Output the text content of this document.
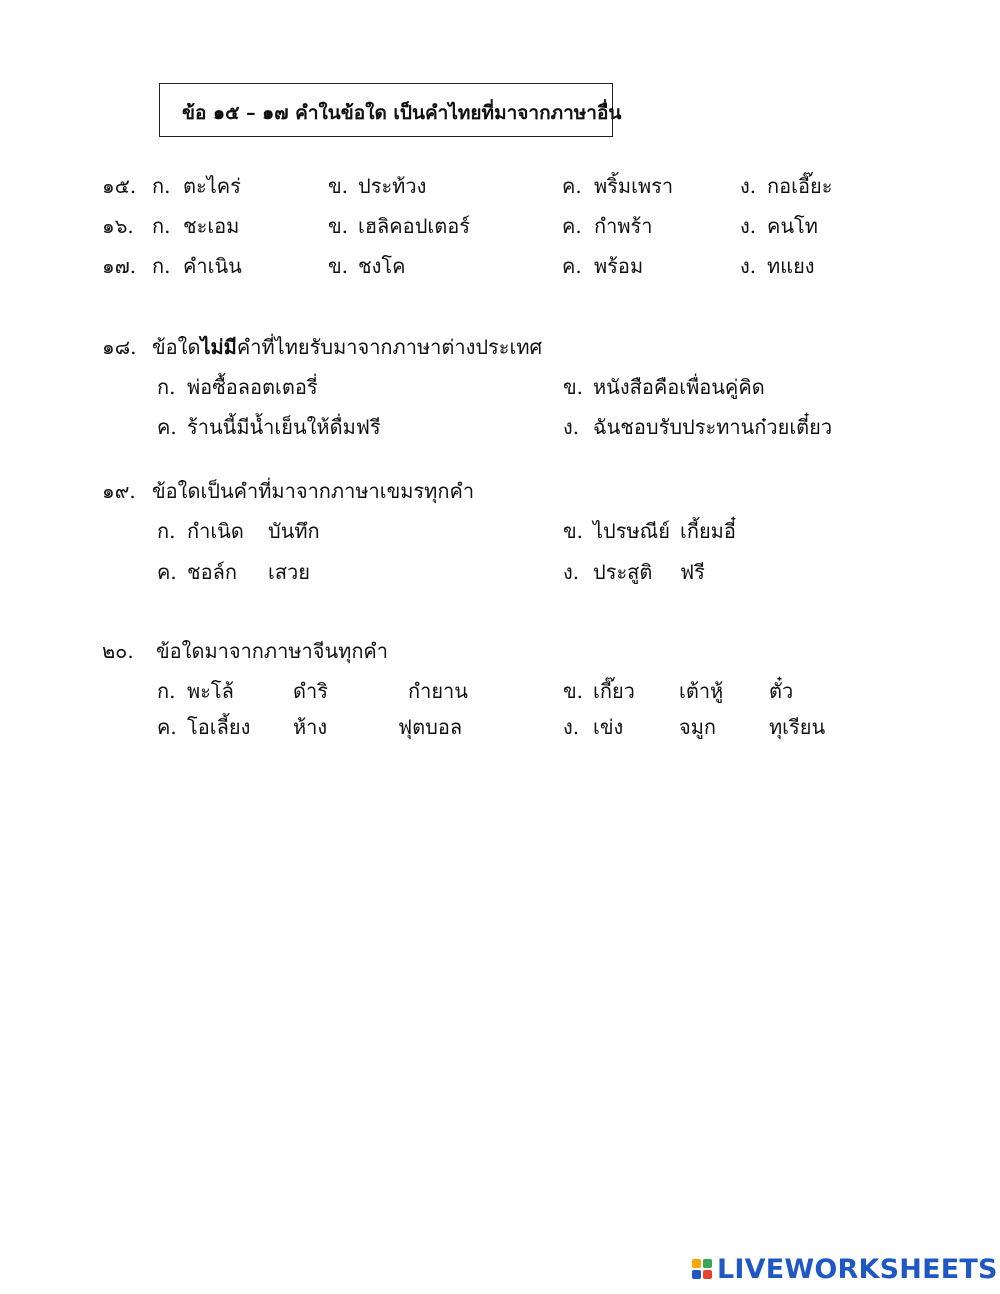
ข้อ ๑๕ – ๑๗ คำในข้อใด เป็นคำไทยที่มาจากภาษาอื่น
๑๕. ก. ตะไคร่	ข. ประท้วง	ค. พริ้มเพรา	ง. กอเอี๊ยะ
๑๖. ก. ชะเอม	ข. เฮลิคอปเตอร์	ค. กำพร้า	ง. คนโท
๑๗. ก. คำเนิน	ข. ชงโค	ค. พร้อม	ง. ทแยง
๑๘. ข้อใดไม่มีคำที่ไทยรับมาจากภาษาต่างประเทศ
ก. พ่อซื้อลอตเตอรี่	ข. หนังสือคือเพื่อนคู่คิด
ค. ร้านนี้มีน้ำเย็นให้ดื่มฟรี	ง. ฉันชอบรับประทานก๋วยเตี๋ยว
๑๙. ข้อใดเป็นคำที่มาจากภาษาเขมรทุกคำ
ก. กำเนิด บันทึก	ข. ไปรษณีย์ เกี้ยมอี๋
ค. ชอล์ก เสวย	ง. ประสูติ ฟรี
๒๐. ข้อใดมาจากภาษาจีนทุกคำ
ก. พะโล้	ดำริ	กำยาน	ข. เกี๊ยว เต้าหู้ ตั๋ว
ค. โอเลี้ยง ห้าง	ฟุตบอล	ง. เข่ง	จมูก	ทุเรียน
LIVEWORKSHEETS
